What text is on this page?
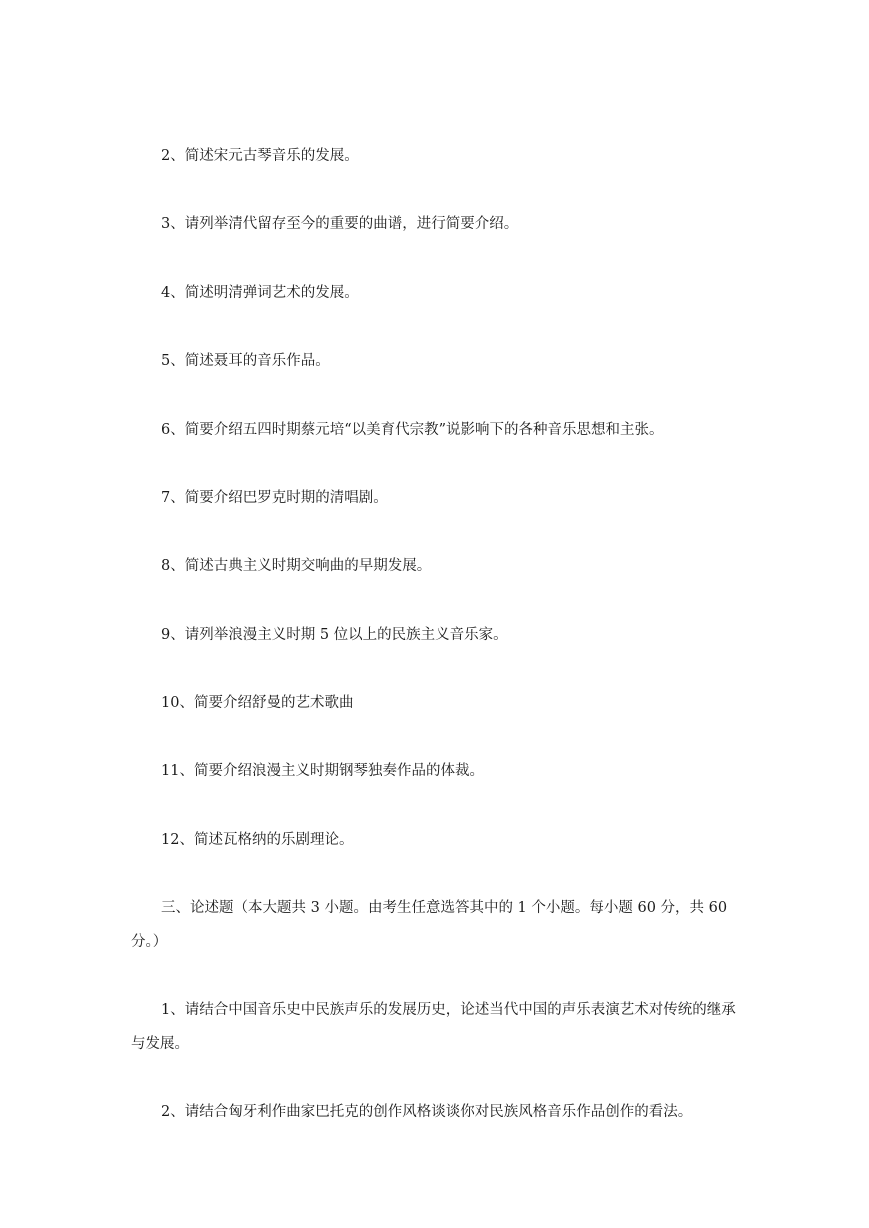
2、简述宋元古琴音乐的发展。

3、请列举清代留存至今的重要的曲谱，进行简要介绍。

4、简述明清弹词艺术的发展。

5、简述聂耳的音乐作品。

6、简要介绍五四时期蔡元培“以美育代宗教”说影响下的各种音乐思想和主张。

7、简要介绍巴罗克时期的清唱剧。

8、简述古典主义时期交响曲的早期发展。

9、请列举浪漫主义时期 5 位以上的民族主义音乐家。

10、简要介绍舒曼的艺术歌曲

11、简要介绍浪漫主义时期钢琴独奏作品的体裁。

12、简述瓦格纳的乐剧理论。

三、论述题（本大题共 3 小题。由考生任意选答其中的 1 个小题。每小题 60 分，共 60 分。）

1、请结合中国音乐史中民族声乐的发展历史，论述当代中国的声乐表演艺术对传统的继承与发展。

2、请结合匈牙利作曲家巴托克的创作风格谈谈你对民族风格音乐作品创作的看法。
